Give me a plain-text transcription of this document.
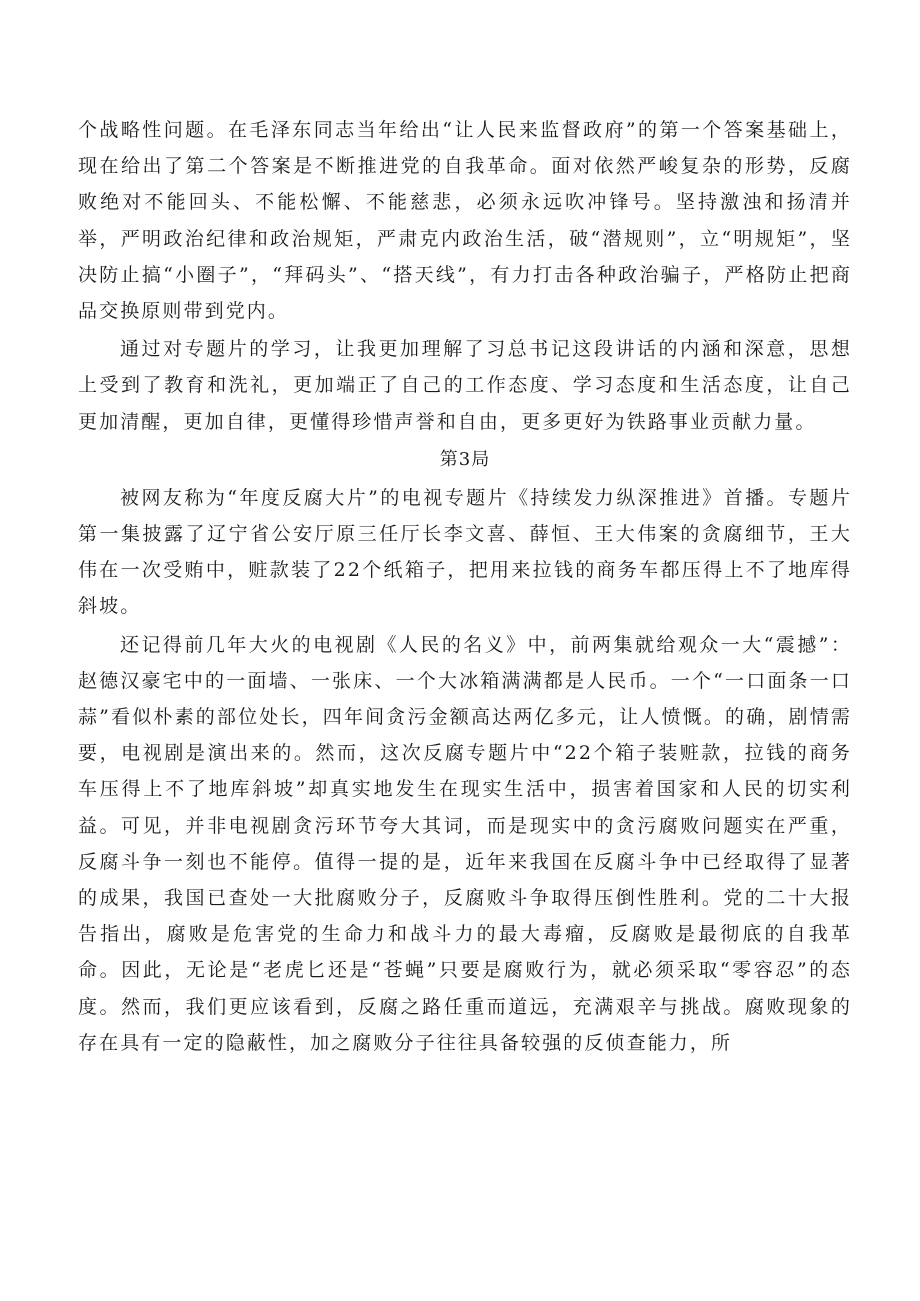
个战略性问题。在毛泽东同志当年给出“让人民来监督政府”的第一个答案基础上，现在给出了第二个答案是不断推进党的自我革命。面对依然严峻复杂的形势，反腐败绝对不能回头、不能松懈、不能慈悲，必须永远吹冲锋号。坚持激浊和扬清并举，严明政治纪律和政治规矩，严肃克内政治生活，破“潜规则”，立“明规矩”，坚决防止搞“小圈子”，“拜码头”、“搭天线”，有力打击各种政治骗子，严格防止把商品交换原则带到党内。

通过对专题片的学习，让我更加理解了习总书记这段讲话的内涵和深意，思想上受到了教育和洗礼，更加端正了自己的工作态度、学习态度和生活态度，让自己更加清醒，更加自律，更懂得珍惜声誉和自由，更多更好为铁路事业贡献力量。

第3局

被网友称为“年度反腐大片”的电视专题片《持续发力纵深推进》首播。专题片第一集披露了辽宁省公安厅原三任厅长李文喜、薛恒、王大伟案的贪腐细节，王大伟在一次受贿中，赃款装了22个纸箱子，把用来拉钱的商务车都压得上不了地库得斜坡。

还记得前几年大火的电视剧《人民的名义》中，前两集就给观众一大“震撼”：赵德汉豪宅中的一面墙、一张床、一个大冰箱满满都是人民币。一个“一口面条一口蒜”看似朴素的部位处长，四年间贪污金额高达两亿多元，让人愤慨。的确，剧情需要，电视剧是演出来的。然而，这次反腐专题片中“22个箱子装赃款，拉钱的商务车压得上不了地库斜坡”却真实地发生在现实生活中，损害着国家和人民的切实利益。可见，并非电视剧贪污环节夸大其词，而是现实中的贪污腐败问题实在严重，反腐斗争一刻也不能停。值得一提的是，近年来我国在反腐斗争中已经取得了显著的成果，我国已查处一大批腐败分子，反腐败斗争取得压倒性胜利。党的二十大报告指出，腐败是危害党的生命力和战斗力的最大毒瘤，反腐败是最彻底的自我革命。因此，无论是“老虎匕还是“苍蝇”只要是腐败行为，就必须采取“零容忍”的态度。然而，我们更应该看到，反腐之路任重而道远，充满艰辛与挑战。腐败现象的存在具有一定的隐蔽性，加之腐败分子往往具备较强的反侦查能力，所
